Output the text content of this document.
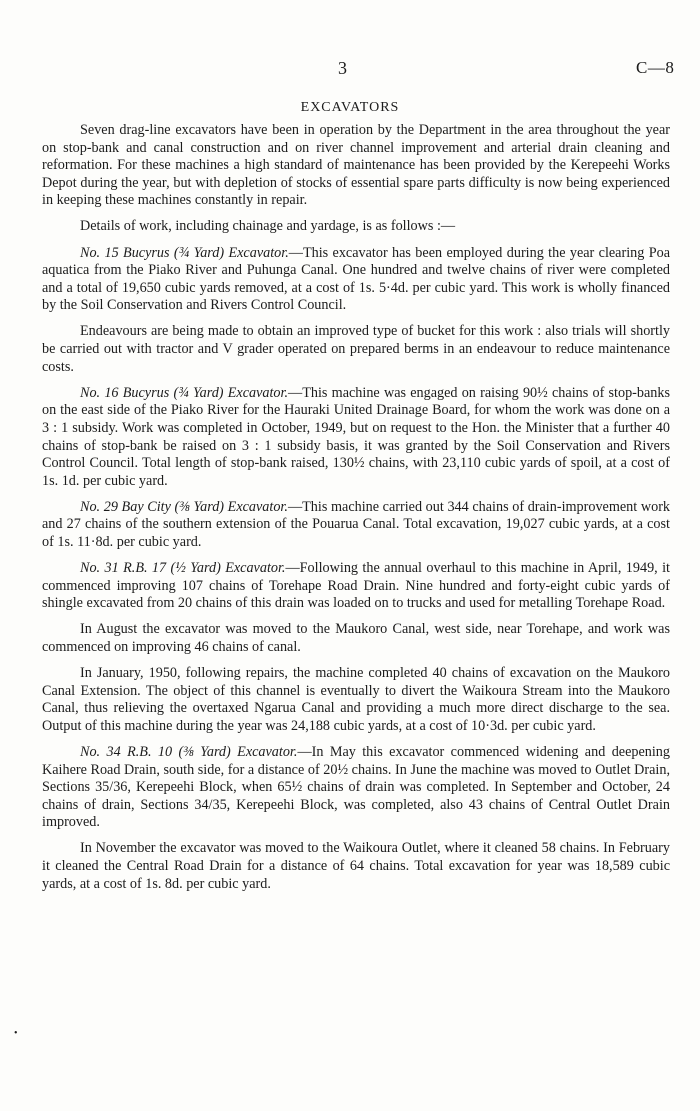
3	C—8
EXCAVATORS

Seven drag-line excavators have been in operation by the Department in the area throughout the year on stop-bank and canal construction and on river channel improvement and arterial drain cleaning and reformation. For these machines a high standard of maintenance has been provided by the Kerepeehi Works Depot during the year, but with depletion of stocks of essential spare parts difficulty is now being experienced in keeping these machines constantly in repair.

Details of work, including chainage and yardage, is as follows :—

No. 15 Bucyrus (¾ Yard) Excavator.—This excavator has been employed during the year clearing Poa aquatica from the Piako River and Puhunga Canal. One hundred and twelve chains of river were completed and a total of 19,650 cubic yards removed, at a cost of 1s. 5·4d. per cubic yard. This work is wholly financed by the Soil Conservation and Rivers Control Council.

Endeavours are being made to obtain an improved type of bucket for this work : also trials will shortly be carried out with tractor and V grader operated on prepared berms in an endeavour to reduce maintenance costs.

No. 16 Bucyrus (¾ Yard) Excavator.—This machine was engaged on raising 90½ chains of stop-banks on the east side of the Piako River for the Hauraki United Drainage Board, for whom the work was done on a 3 : 1 subsidy. Work was completed in October, 1949, but on request to the Hon. the Minister that a further 40 chains of stop-bank be raised on 3 : 1 subsidy basis, it was granted by the Soil Conservation and Rivers Control Council. Total length of stop-bank raised, 130½ chains, with 23,110 cubic yards of spoil, at a cost of 1s. 1d. per cubic yard.

No. 29 Bay City (⅜ Yard) Excavator.—This machine carried out 344 chains of drain-improvement work and 27 chains of the southern extension of the Pouarua Canal. Total excavation, 19,027 cubic yards, at a cost of 1s. 11·8d. per cubic yard.

No. 31 R.B. 17 (½ Yard) Excavator.—Following the annual overhaul to this machine in April, 1949, it commenced improving 107 chains of Torehape Road Drain. Nine hundred and forty-eight cubic yards of shingle excavated from 20 chains of this drain was loaded on to trucks and used for metalling Torehape Road.

In August the excavator was moved to the Maukoro Canal, west side, near Torehape, and work was commenced on improving 46 chains of canal.

In January, 1950, following repairs, the machine completed 40 chains of excavation on the Maukoro Canal Extension. The object of this channel is eventually to divert the Waikoura Stream into the Maukoro Canal, thus relieving the overtaxed Ngarua Canal and providing a much more direct discharge to the sea. Output of this machine during the year was 24,188 cubic yards, at a cost of 10·3d. per cubic yard.

No. 34 R.B. 10 (⅜ Yard) Excavator.—In May this excavator commenced widening and deepening Kaihere Road Drain, south side, for a distance of 20½ chains. In June the machine was moved to Outlet Drain, Sections 35/36, Kerepeehi Block, when 65½ chains of drain was completed. In September and October, 24 chains of drain, Sections 34/35, Kerepeehi Block, was completed, also 43 chains of Central Outlet Drain improved.

In November the excavator was moved to the Waikoura Outlet, where it cleaned 58 chains. In February it cleaned the Central Road Drain for a distance of 64 chains. Total excavation for year was 18,589 cubic yards, at a cost of 1s. 8d. per cubic yard.

•
